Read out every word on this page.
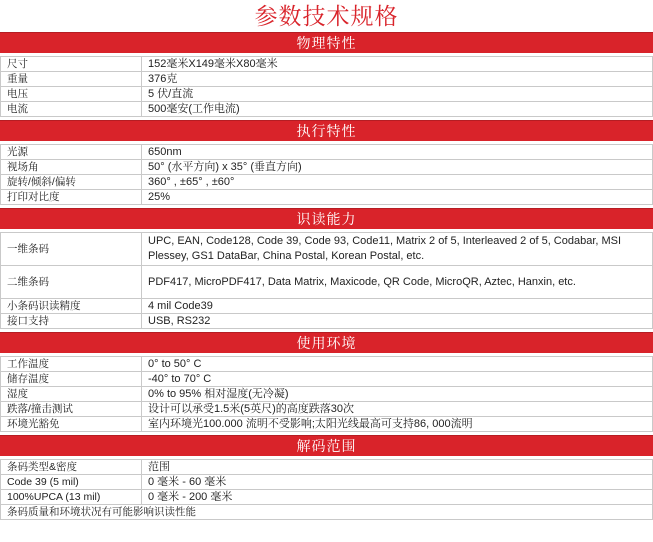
参数技术规格
物理特性
尺寸	152毫米X149毫米X80毫米
重量	376克
电压	5 伏/直流
电流	500毫安(工作电流)
执行特性
光源	650nm
视场角	50° (水平方向) x 35° (垂直方向)
旋转/倾斜/偏转	360° , ±65° , ±60°
打印对比度	25%
识读能力
一维条码	UPC, EAN, Code128, Code 39, Code 93, Code11, Matrix 2 of 5, Interleaved 2 of 5, Codabar, MSI Plessey, GS1 DataBar, China Postal, Korean Postal, etc.
二维条码	PDF417, MicroPDF417, Data Matrix, Maxicode, QR Code, MicroQR, Aztec, Hanxin, etc.
小条码识读精度	4 mil Code39
接口支持	USB, RS232
使用环境
工作温度	0° to 50° C
储存温度	-40° to 70° C
湿度	0% to 95% 相对湿度(无冷凝)
跌落/撞击测试	设计可以承受1.5米(5英尺)的高度跌落30次
环境光豁免	室内环境光100.000 流明不受影响;太阳光线最高可支持86, 000流明
解码范围
条码类型&密度	范围
Code 39 (5 mil)	0 毫米 - 60 毫米
100%UPCA (13 mil)	0 毫米 - 200 毫米
条码质量和环境状况有可能影响识读性能	
